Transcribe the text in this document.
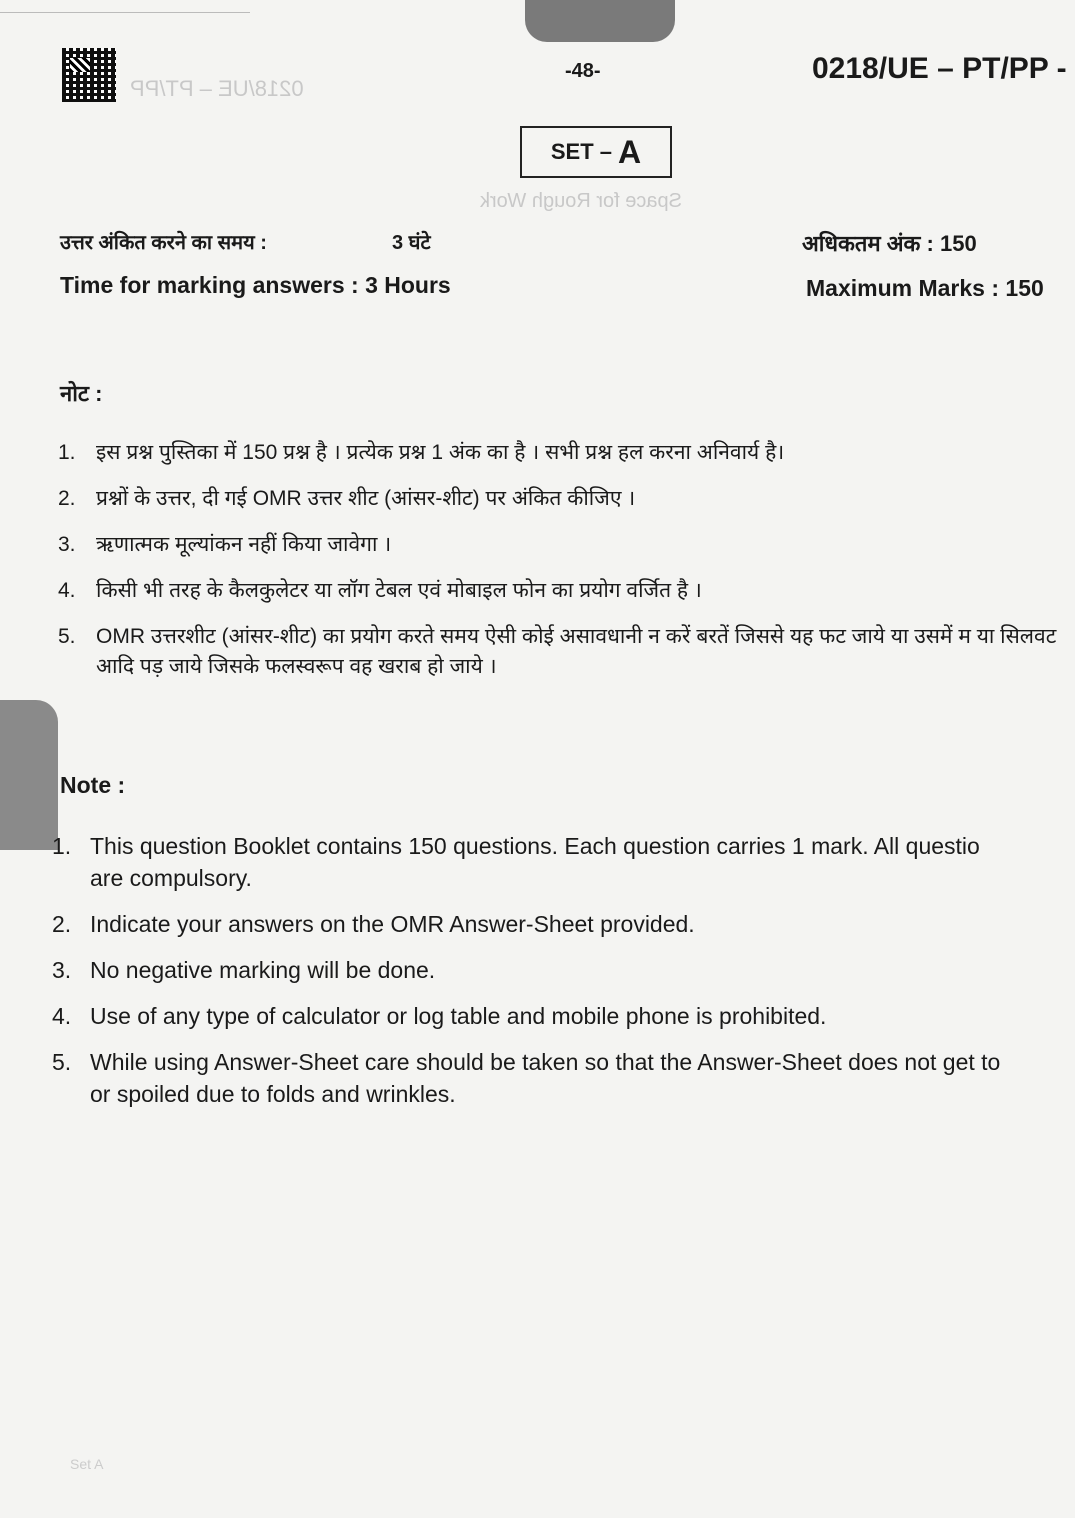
0218/UE – PT/PP
-48-	0218/UE – PT/PP -
SET – A
Space for Rough Work
उत्तर अंकित करने का समय :	3 घंटे	अधिकतम अंक : 150
Time for marking answers : 3 Hours	Maximum Marks : 150
नोट :
1. इस प्रश्न पुस्तिका में 150 प्रश्न है । प्रत्येक प्रश्न 1 अंक का है । सभी प्रश्न हल करना अनिवार्य है।
2. प्रश्नों के उत्तर, दी गई OMR उत्तर शीट (आंसर-शीट) पर अंकित कीजिए ।
3. ऋणात्मक मूल्यांकन नहीं किया जावेगा ।
4. किसी भी तरह के कैलकुलेटर या लॉग टेबल एवं मोबाइल फोन का प्रयोग वर्जित है ।
5. OMR उत्तरशीट (आंसर-शीट) का प्रयोग करते समय ऐसी कोई असावधानी न करें बरतें जिससे यह फट जाये या उसमें म या सिलवट आदि पड़ जाये जिसके फलस्वरूप वह खराब हो जाये ।
Note :
1. This question Booklet contains 150 questions. Each question carries 1 mark. All questio
are compulsory.
2. Indicate your answers on the OMR Answer-Sheet provided.
3. No negative marking will be done.
4. Use of any type of calculator or log table and mobile phone is prohibited.
5. While using Answer-Sheet care should be taken so that the Answer-Sheet does not get to
or spoiled due to folds and wrinkles.
Set A
